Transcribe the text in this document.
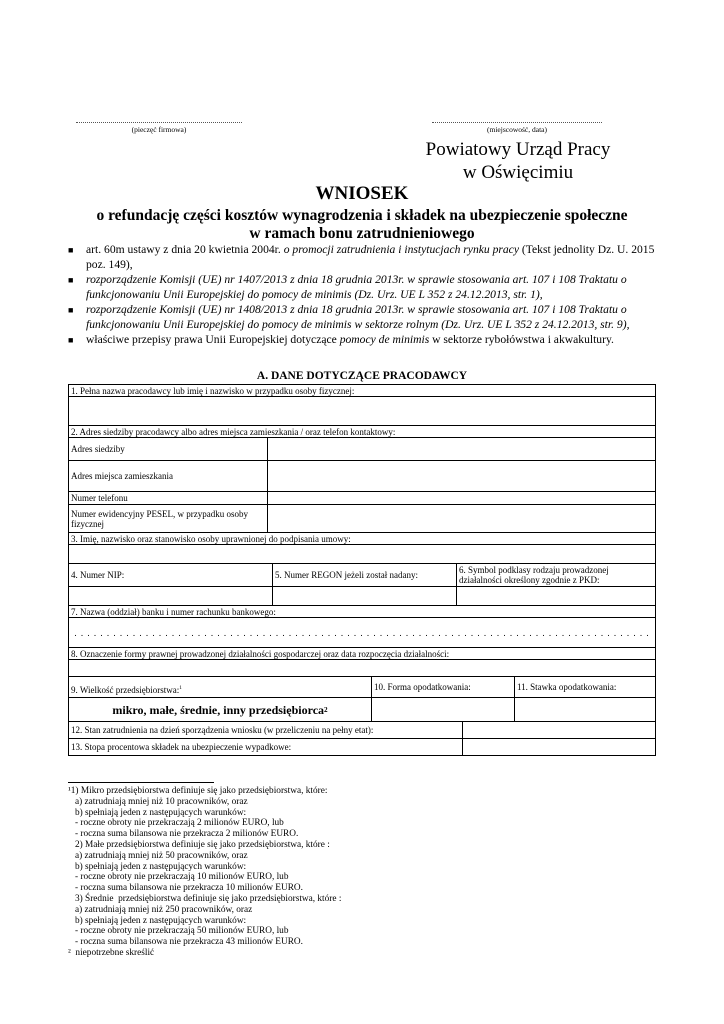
(pieczęć firmowa)	(miejscowość, data)
Powiatowy Urząd Pracy
w Oświęcimiu
WNIOSEK
o refundację części kosztów wynagrodzenia i składek na ubezpieczenie społeczne
w ramach bonu zatrudnieniowego
■ art. 60m ustawy z dnia 20 kwietnia 2004r. o promocji zatrudnienia i instytucjach rynku pracy (Tekst jednolity Dz. U. 2015 poz. 149),
■ rozporządzenie Komisji (UE) nr 1407/2013 z dnia 18 grudnia 2013r. w sprawie stosowania art. 107 i 108 Traktatu o funkcjonowaniu Unii Europejskiej do pomocy de minimis (Dz. Urz. UE L 352 z 24.12.2013, str. 1),
■ rozporządzenie Komisji (UE) nr 1408/2013 z dnia 18 grudnia 2013r. w sprawie stosowania art. 107 i 108 Traktatu o funkcjonowaniu Unii Europejskiej do pomocy de minimis w sektorze rolnym (Dz. Urz. UE L 352 z 24.12.2013, str. 9),
■ właściwe przepisy prawa Unii Europejskiej dotyczące pomocy de minimis w sektorze rybołówstwa i akwakultury.
A. DANE DOTYCZĄCE PRACODAWCY
1. Pełna nazwa pracodawcy lub imię i nazwisko w przypadku osoby fizycznej:
2. Adres siedziby pracodawcy albo adres miejsca zamieszkania / oraz telefon kontaktowy:
Adres siedziby
Adres miejsca zamieszkania
Numer telefonu
Numer ewidencyjny PESEL, w przypadku osoby fizycznej
3. Imię, nazwisko oraz stanowisko osoby uprawnionej do podpisania umowy:
4. Numer NIP:	5. Numer REGON jeżeli został nadany:	6. Symbol podklasy rodzaju prowadzonej działalności określony zgodnie z PKD:
7. Nazwa (oddział) banku i numer rachunku bankowego:
. . . . . . . . . . . . . . . . . . . . . . . . . . . . . . . . . . . . . . . . . . . . . . . . . . . . . . . . . . . . . . . . . . . . . . . . . . . . . . . . . . . . . . . . .
8. Oznaczenie formy prawnej prowadzonej działalności gospodarczej oraz data rozpoczęcia działalności:
9. Wielkość przedsiębiorstwa:$^1$	10. Forma opodatkowania:	11. Stawka opodatkowania:
mikro, małe, średnie, inny przedsiębiorca 2
12. Stan zatrudnienia na dzień sporządzenia wniosku (w przeliczeniu na pełny etat):
13. Stopa procentowa składek na ubezpieczenie wypadkowe:
¹1) Mikro przedsiębiorstwa definiuje się jako przedsiębiorstwa, które:
a) zatrudniają mniej niż 10 pracowników, oraz
b) spełniają jeden z następujących warunków:
- roczne obroty nie przekraczają 2 milionów EURO, lub
- roczna suma bilansowa nie przekracza 2 milionów EURO.
2) Małe przedsiębiorstwa definiuje się jako przedsiębiorstwa, które :
a) zatrudniają mniej niż 50 pracowników, oraz
b) spełniają jeden z następujących warunków:
- roczne obroty nie przekraczają 10 milionów EURO, lub
- roczna suma bilansowa nie przekracza 10 milionów EURO.
3) Średnie  przedsiębiorstwa definiuje się jako przedsiębiorstwa, które :
a) zatrudniają mniej niż 250 pracowników, oraz
b) spełniają jeden z następujących warunków:
- roczne obroty nie przekraczają 50 milionów EURO, lub
- roczna suma bilansowa nie przekracza 43 milionów EURO.
²  niepotrzebne skreślić
